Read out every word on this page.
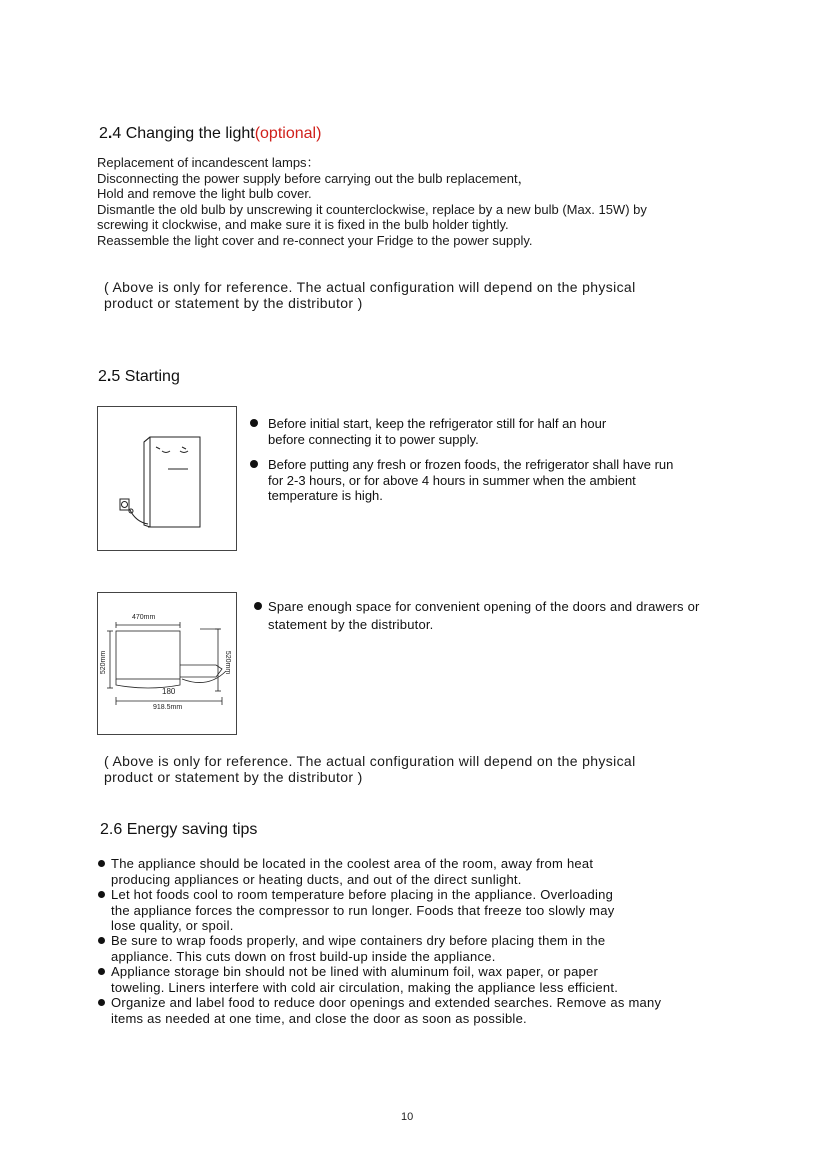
2.4 Changing the light(optional)
Replacement of incandescent lamps：
Disconnecting the power supply before carrying out the bulb replacement，
Hold and remove the light bulb cover.
Dismantle the old bulb by unscrewing it counterclockwise, replace by a new bulb (Max. 15W) by
screwing it clockwise, and make sure it is fixed in the bulb holder tightly.
Reassemble the light cover and re-connect your Fridge to the power supply.
( Above is only for reference. The actual configuration will depend on the physical
product or statement by the distributor )
2.5 Starting
Before initial start, keep the refrigerator still for half an hour
before connecting it to power supply.
Before putting any fresh or frozen foods, the refrigerator shall have run
for 2-3 hours, or for above 4 hours in summer when the ambient
temperature is high.
470mm
520mm	520mm
180
918.5mm
Spare enough space for convenient opening of the doors and drawers or
statement by the distributor.
( Above is only for reference. The actual configuration will depend on the physical
product or statement by the distributor )
2.6 Energy saving tips
The appliance should be located in the coolest area of the room, away from heat
producing appliances or heating ducts, and out of the direct sunlight.
Let hot foods cool to room temperature before placing in the appliance. Overloading
the appliance forces the compressor to run longer. Foods that freeze too slowly may
lose quality, or spoil.
Be sure to wrap foods properly, and wipe containers dry before placing them in the
appliance. This cuts down on frost build-up inside the appliance.
Appliance storage bin should not be lined with aluminum foil, wax paper, or paper
toweling. Liners interfere with cold air circulation, making the appliance less efficient.
Organize and label food to reduce door openings and extended searches. Remove as many
items as needed at one time, and close the door as soon as possible.
10
